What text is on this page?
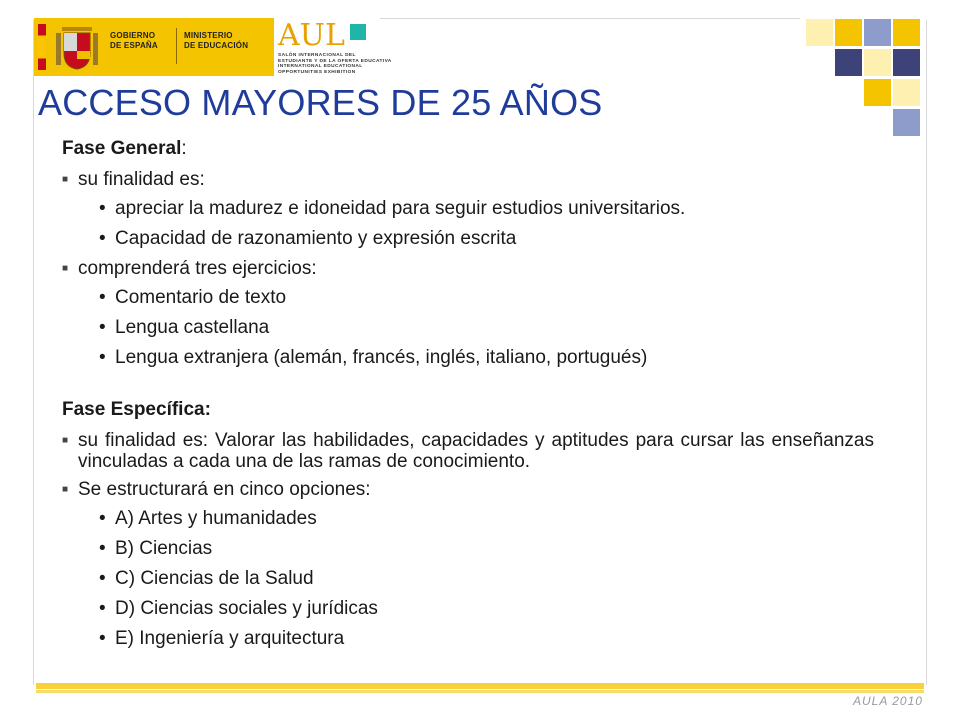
GOBIERNO
DE ESPAÑA
MINISTERIO
DE EDUCACIÓN AUL
SALÓN INTERNACIONAL DEL
ESTUDIANTE Y DE LA OFERTA EDUCATIVA
INTERNATIONAL EDUCATIONAL
OPPORTUNITIES EXHIBITION
ACCESO MAYORES DE 25 AÑOS
Fase General:
■ su finalidad es:
• apreciar la madurez e idoneidad para seguir estudios universitarios.
• Capacidad de razonamiento y expresión escrita
■ comprenderá tres ejercicios:
• Comentario de texto
• Lengua castellana
• Lengua extranjera (alemán, francés, inglés, italiano, portugués)
Fase Específica:
■ su finalidad es: Valorar las habilidades, capacidades y aptitudes para cursar las enseñanzas vinculadas a cada una de las ramas de conocimiento.
■ Se estructurará en cinco opciones:
• A) Artes y humanidades
• B) Ciencias
• C) Ciencias de la Salud
• D) Ciencias sociales y jurídicas
• E) Ingeniería y arquitectura
AULA 2010
